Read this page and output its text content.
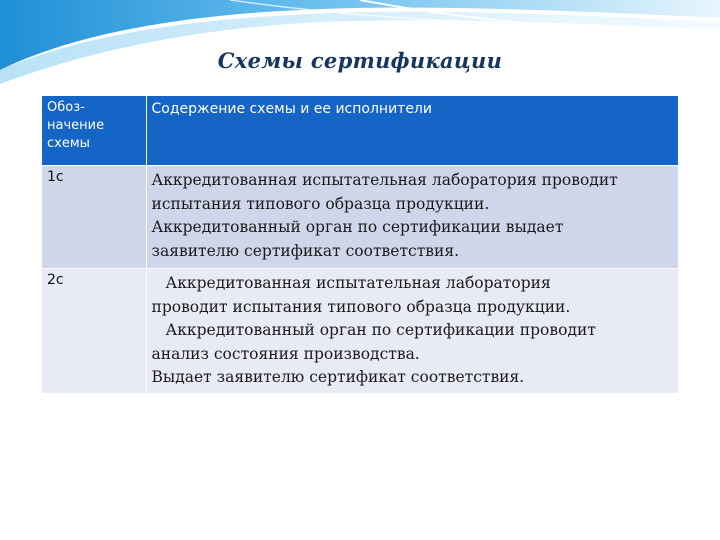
Схемы сертификации
Обоз-
начение
схемы	Содержение схемы и ее исполнители
1с	Аккредитованная испытательная лаборатория проводит
испытания типового образца продукции.
Аккредитованный орган по сертификации выдает
заявителю сертификат соответствия.

2с	Аккредитованная испытательная лаборатория
проводит испытания типового образца продукции.
Аккредитованный орган по сертификации проводит
анализ состояния производства.
Выдает заявителю сертификат соответствия.
